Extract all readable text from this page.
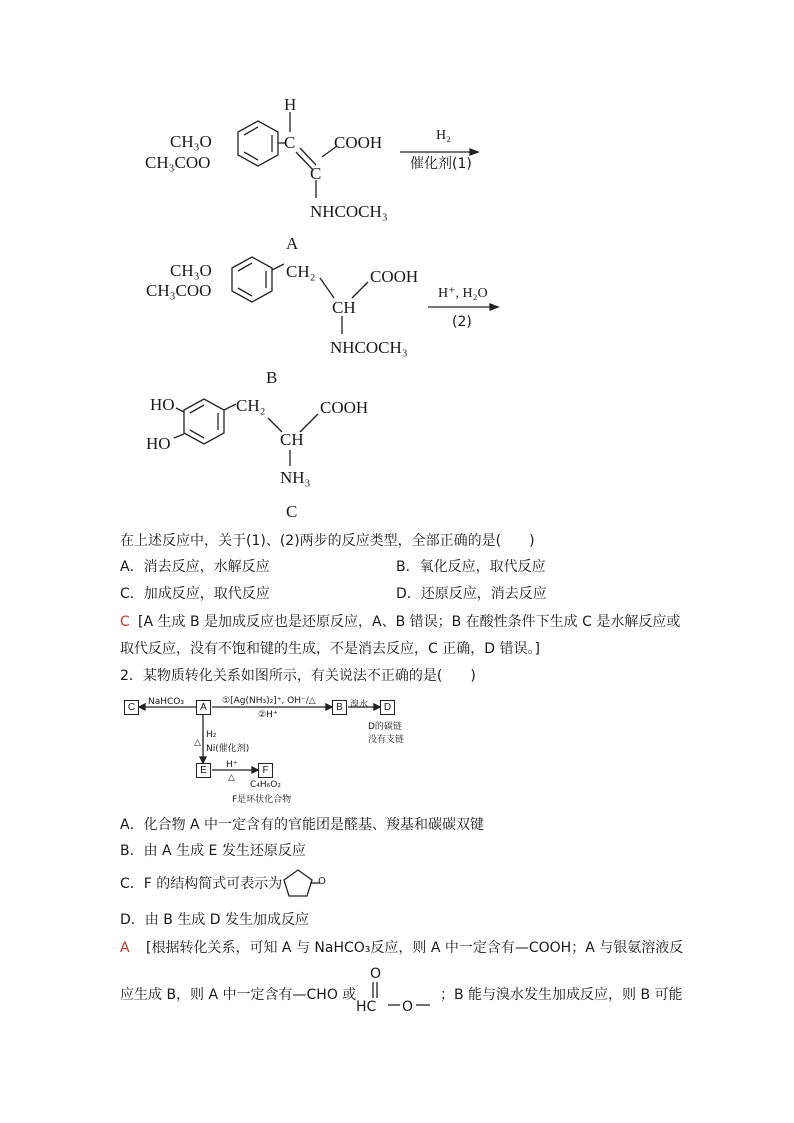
H
CH₃O
CH₃COO
C COOH
C
NHCOCH₃
H₂
催化剂(1)
A
CH₃O
CH₃COO
CH₂	COOH
CH
NHCOCH₃
H⁺, H₂O
(2)
B
HO
HO
CH₂	COOH
CH
NH₃
C
在上述反应中，关于(1)、(2)两步的反应类型，全部正确的是(　　)
A．消去反应，水解反应	B．氧化反应，取代反应
C．加成反应，取代反应	D．还原反应，消去反应
C [A 生成 B 是加成反应也是还原反应，A、B 错误；B 在酸性条件下生成 C 是水解反应或
取代反应，没有不饱和键的生成，不是消去反应，C 正确，D 错误。]
2．某物质转化关系如图所示，有关说法不正确的是(　　)
C	A	B	D
E	F
NaHCO₃	①[Ag(NH₃)₂]⁺, OH⁻/△
②H⁺
溴水
D的碳链
没有支链
H₂
△
Ni(催化剂)
H⁺
△
C₄H₆O₂
F是环状化合物
A．化合物 A 中一定含有的官能团是醛基、羧基和碳碳双键
B．由 A 生成 E 发生还原反应
C．F 的结构简式可表示为	O
D．由 B 生成 D 发生加成反应
A [根据转化关系，可知 A 与 NaHCO₃反应，则 A 中一定含有—COOH；A 与银氨溶液反
应生成 B，则 A 中一定含有—CHO 或
O
HC O
；B 能与溴水发生加成反应，则 B 可能
